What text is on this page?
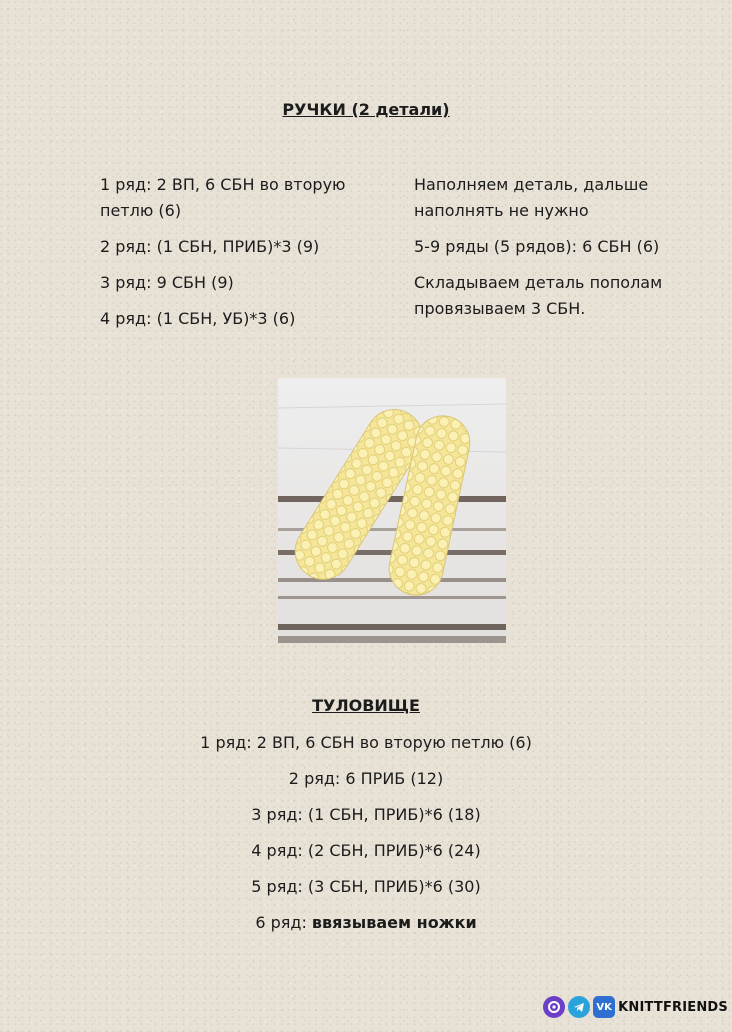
РУЧКИ (2 детали)

1 ряд: 2 ВП, 6 СБН во вторую петлю (6)

2 ряд: (1 СБН, ПРИБ)*3 (9)

3 ряд: 9 СБН (9)

4 ряд: (1 СБН, УБ)*3 (6)

Наполняем деталь, дальше наполнять не нужно

5-9 ряды (5 рядов): 6 СБН (6)

Складываем деталь пополам провязываем 3 СБН.

ТУЛОВИЩЕ
1 ряд: 2 ВП, 6 СБН во вторую петлю (6)
2 ряд: 6 ПРИБ (12)
3 ряд: (1 СБН, ПРИБ)*6 (18)
4 ряд: (2 СБН, ПРИБ)*6 (24)
5 ряд: (3 СБН, ПРИБ)*6 (30)
6 ряд: ввязываем ножки
VK KNITTFRIENDS
